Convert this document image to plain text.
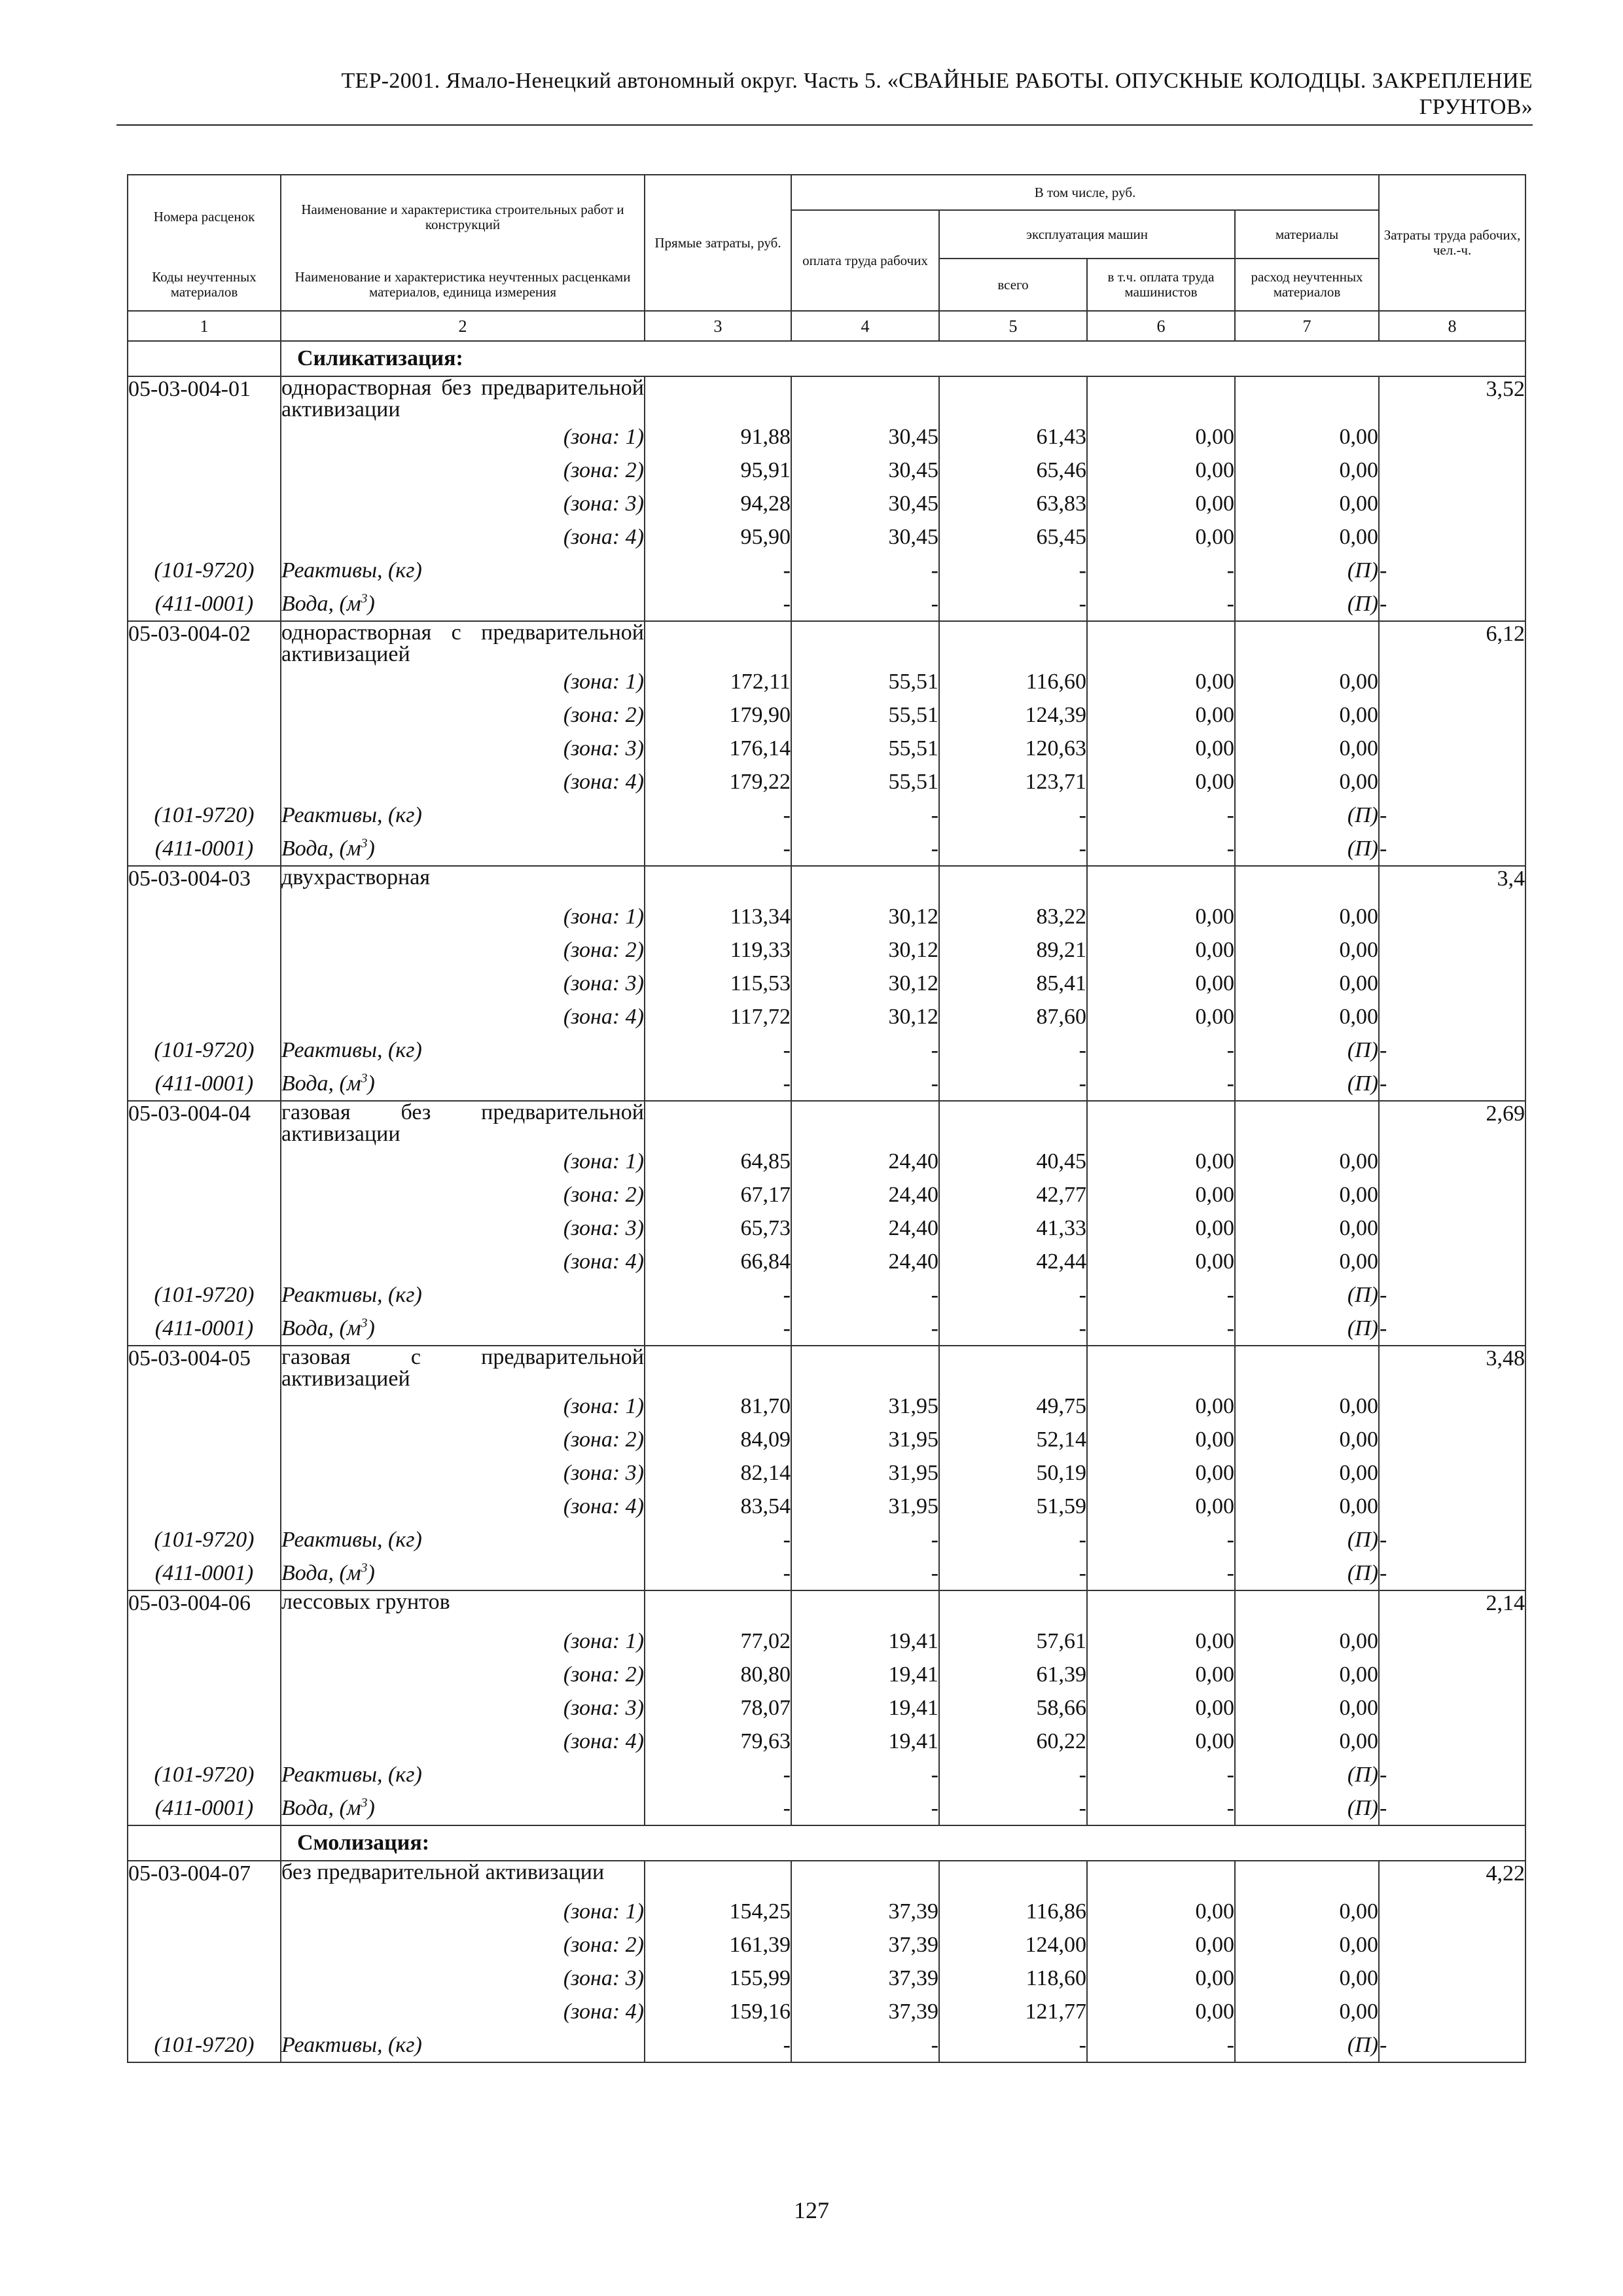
ТЕР-2001. Ямало-Ненецкий автономный округ. Часть 5. «СВАЙНЫЕ РАБОТЫ. ОПУСКНЫЕ КОЛОДЦЫ. ЗАКРЕПЛЕНИЕ
ГРУНТОВ»
Номера расценок	Наименование и характеристика строительных работ и конструкций	Прямые затраты, руб.	В том числе, руб.				Затраты труда рабочих, чел.-ч.
			оплата труда рабочих	эксплуатация машин		материалы	
Коды неучтенных материалов	Наименование и характеристика неучтенных расценками материалов, единица измерения			всего	в т.ч. оплата труда машинистов	расход неучтенных материалов	
1	2	3	4	5	6	7	8
	Силикатизация:						
05-03-004-01	однорастворная без предварительной активизации						3,52
	(зона: 1)	91,88	30,45	61,43	0,00	0,00	
	(зона: 2)	95,91	30,45	65,46	0,00	0,00	
	(зона: 3)	94,28	30,45	63,83	0,00	0,00	
	(зона: 4)	95,90	30,45	65,45	0,00	0,00	
(101-9720)	Реактивы, (кг)	-	-	-	-	(П)	-
(411-0001)	Вода, $(м^3)$	-	-	-	-	(П)	-
05-03-004-02	однорастворная с предварительной активизацией						6,12
	(зона: 1)	172,11	55,51	116,60	0,00	0,00	
	(зона: 2)	179,90	55,51	124,39	0,00	0,00	
	(зона: 3)	176,14	55,51	120,63	0,00	0,00	
	(зона: 4)	179,22	55,51	123,71	0,00	0,00	
(101-9720)	Реактивы, (кг)	-	-	-	-	(П)	-
(411-0001)	Вода, $(м^3)$	-	-	-	-	(П)	-
05-03-004-03	двухрастворная						3,4
	(зона: 1)	113,34	30,12	83,22	0,00	0,00	
	(зона: 2)	119,33	30,12	89,21	0,00	0,00	
	(зона: 3)	115,53	30,12	85,41	0,00	0,00	
	(зона: 4)	117,72	30,12	87,60	0,00	0,00	
(101-9720)	Реактивы, (кг)	-	-	-	-	(П)	-
(411-0001)	Вода, $(м^3)$	-	-	-	-	(П)	-
05-03-004-04	газовая без предварительной активизации						2,69
	(зона: 1)	64,85	24,40	40,45	0,00	0,00	
	(зона: 2)	67,17	24,40	42,77	0,00	0,00	
	(зона: 3)	65,73	24,40	41,33	0,00	0,00	
	(зона: 4)	66,84	24,40	42,44	0,00	0,00	
(101-9720)	Реактивы, (кг)	-	-	-	-	(П)	-
(411-0001)	Вода, $(м^3)$	-	-	-	-	(П)	-
05-03-004-05	газовая с предварительной активизацией						3,48
	(зона: 1)	81,70	31,95	49,75	0,00	0,00	
	(зона: 2)	84,09	31,95	52,14	0,00	0,00	
	(зона: 3)	82,14	31,95	50,19	0,00	0,00	
	(зона: 4)	83,54	31,95	51,59	0,00	0,00	
(101-9720)	Реактивы, (кг)	-	-	-	-	(П)	-
(411-0001)	Вода, $(м^3)$	-	-	-	-	(П)	-
05-03-004-06	лессовых грунтов						2,14
	(зона: 1)	77,02	19,41	57,61	0,00	0,00	
	(зона: 2)	80,80	19,41	61,39	0,00	0,00	
	(зона: 3)	78,07	19,41	58,66	0,00	0,00	
	(зона: 4)	79,63	19,41	60,22	0,00	0,00	
(101-9720)	Реактивы, (кг)	-	-	-	-	(П)	-
(411-0001)	Вода, $(м^3)$	-	-	-	-	(П)	-
	Смолизация:						
05-03-004-07	без предварительной активизации						4,22
	(зона: 1)	154,25	37,39	116,86	0,00	0,00	
	(зона: 2)	161,39	37,39	124,00	0,00	0,00	
	(зона: 3)	155,99	37,39	118,60	0,00	0,00	
	(зона: 4)	159,16	37,39	121,77	0,00	0,00	
(101-9720)	Реактивы, (кг)	-	-	-	-	(П)	-
127
